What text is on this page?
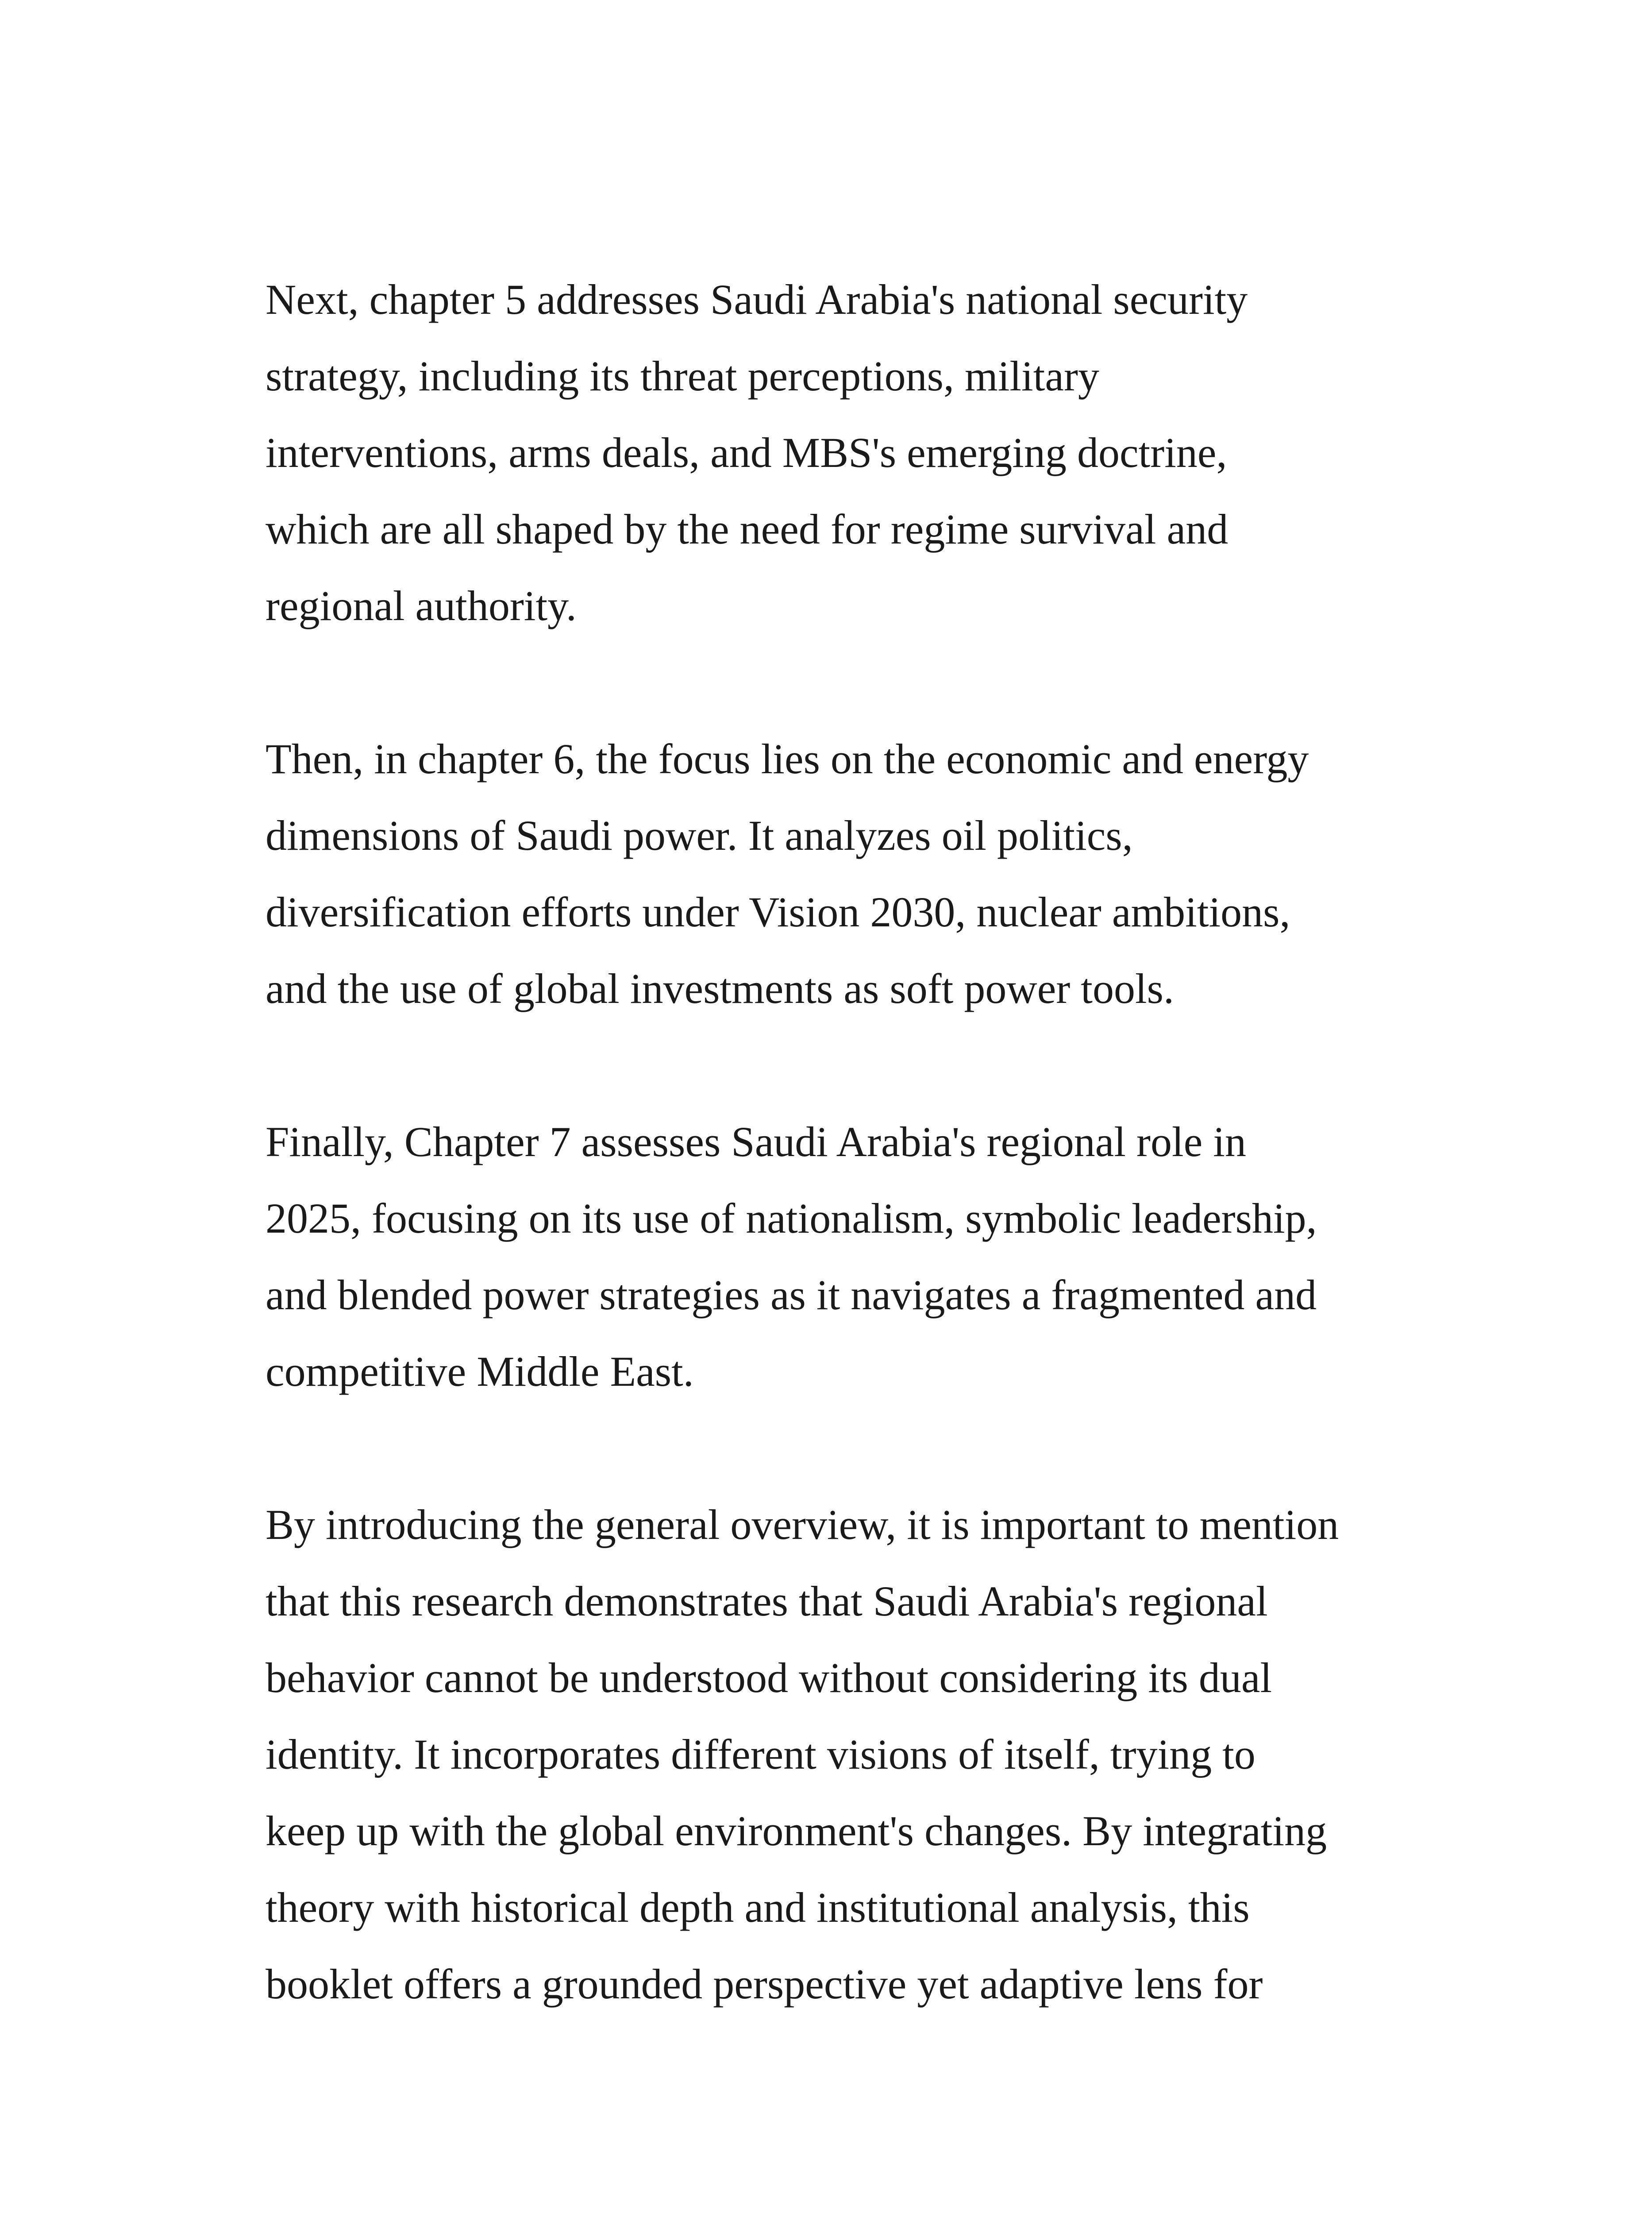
Next, chapter 5 addresses Saudi Arabia's national security
strategy, including its threat perceptions, military
interventions, arms deals, and MBS's emerging doctrine,
which are all shaped by the need for regime survival and
regional authority.

Then, in chapter 6, the focus lies on the economic and energy
dimensions of Saudi power. It analyzes oil politics,
diversification efforts under Vision 2030, nuclear ambitions,
and the use of global investments as soft power tools.

Finally, Chapter 7 assesses Saudi Arabia's regional role in
2025, focusing on its use of nationalism, symbolic leadership,
and blended power strategies as it navigates a fragmented and
competitive Middle East.

By introducing the general overview, it is important to mention
that this research demonstrates that Saudi Arabia's regional
behavior cannot be understood without considering its dual
identity. It incorporates different visions of itself, trying to
keep up with the global environment's changes. By integrating
theory with historical depth and institutional analysis, this
booklet offers a grounded perspective yet adaptive lens for
